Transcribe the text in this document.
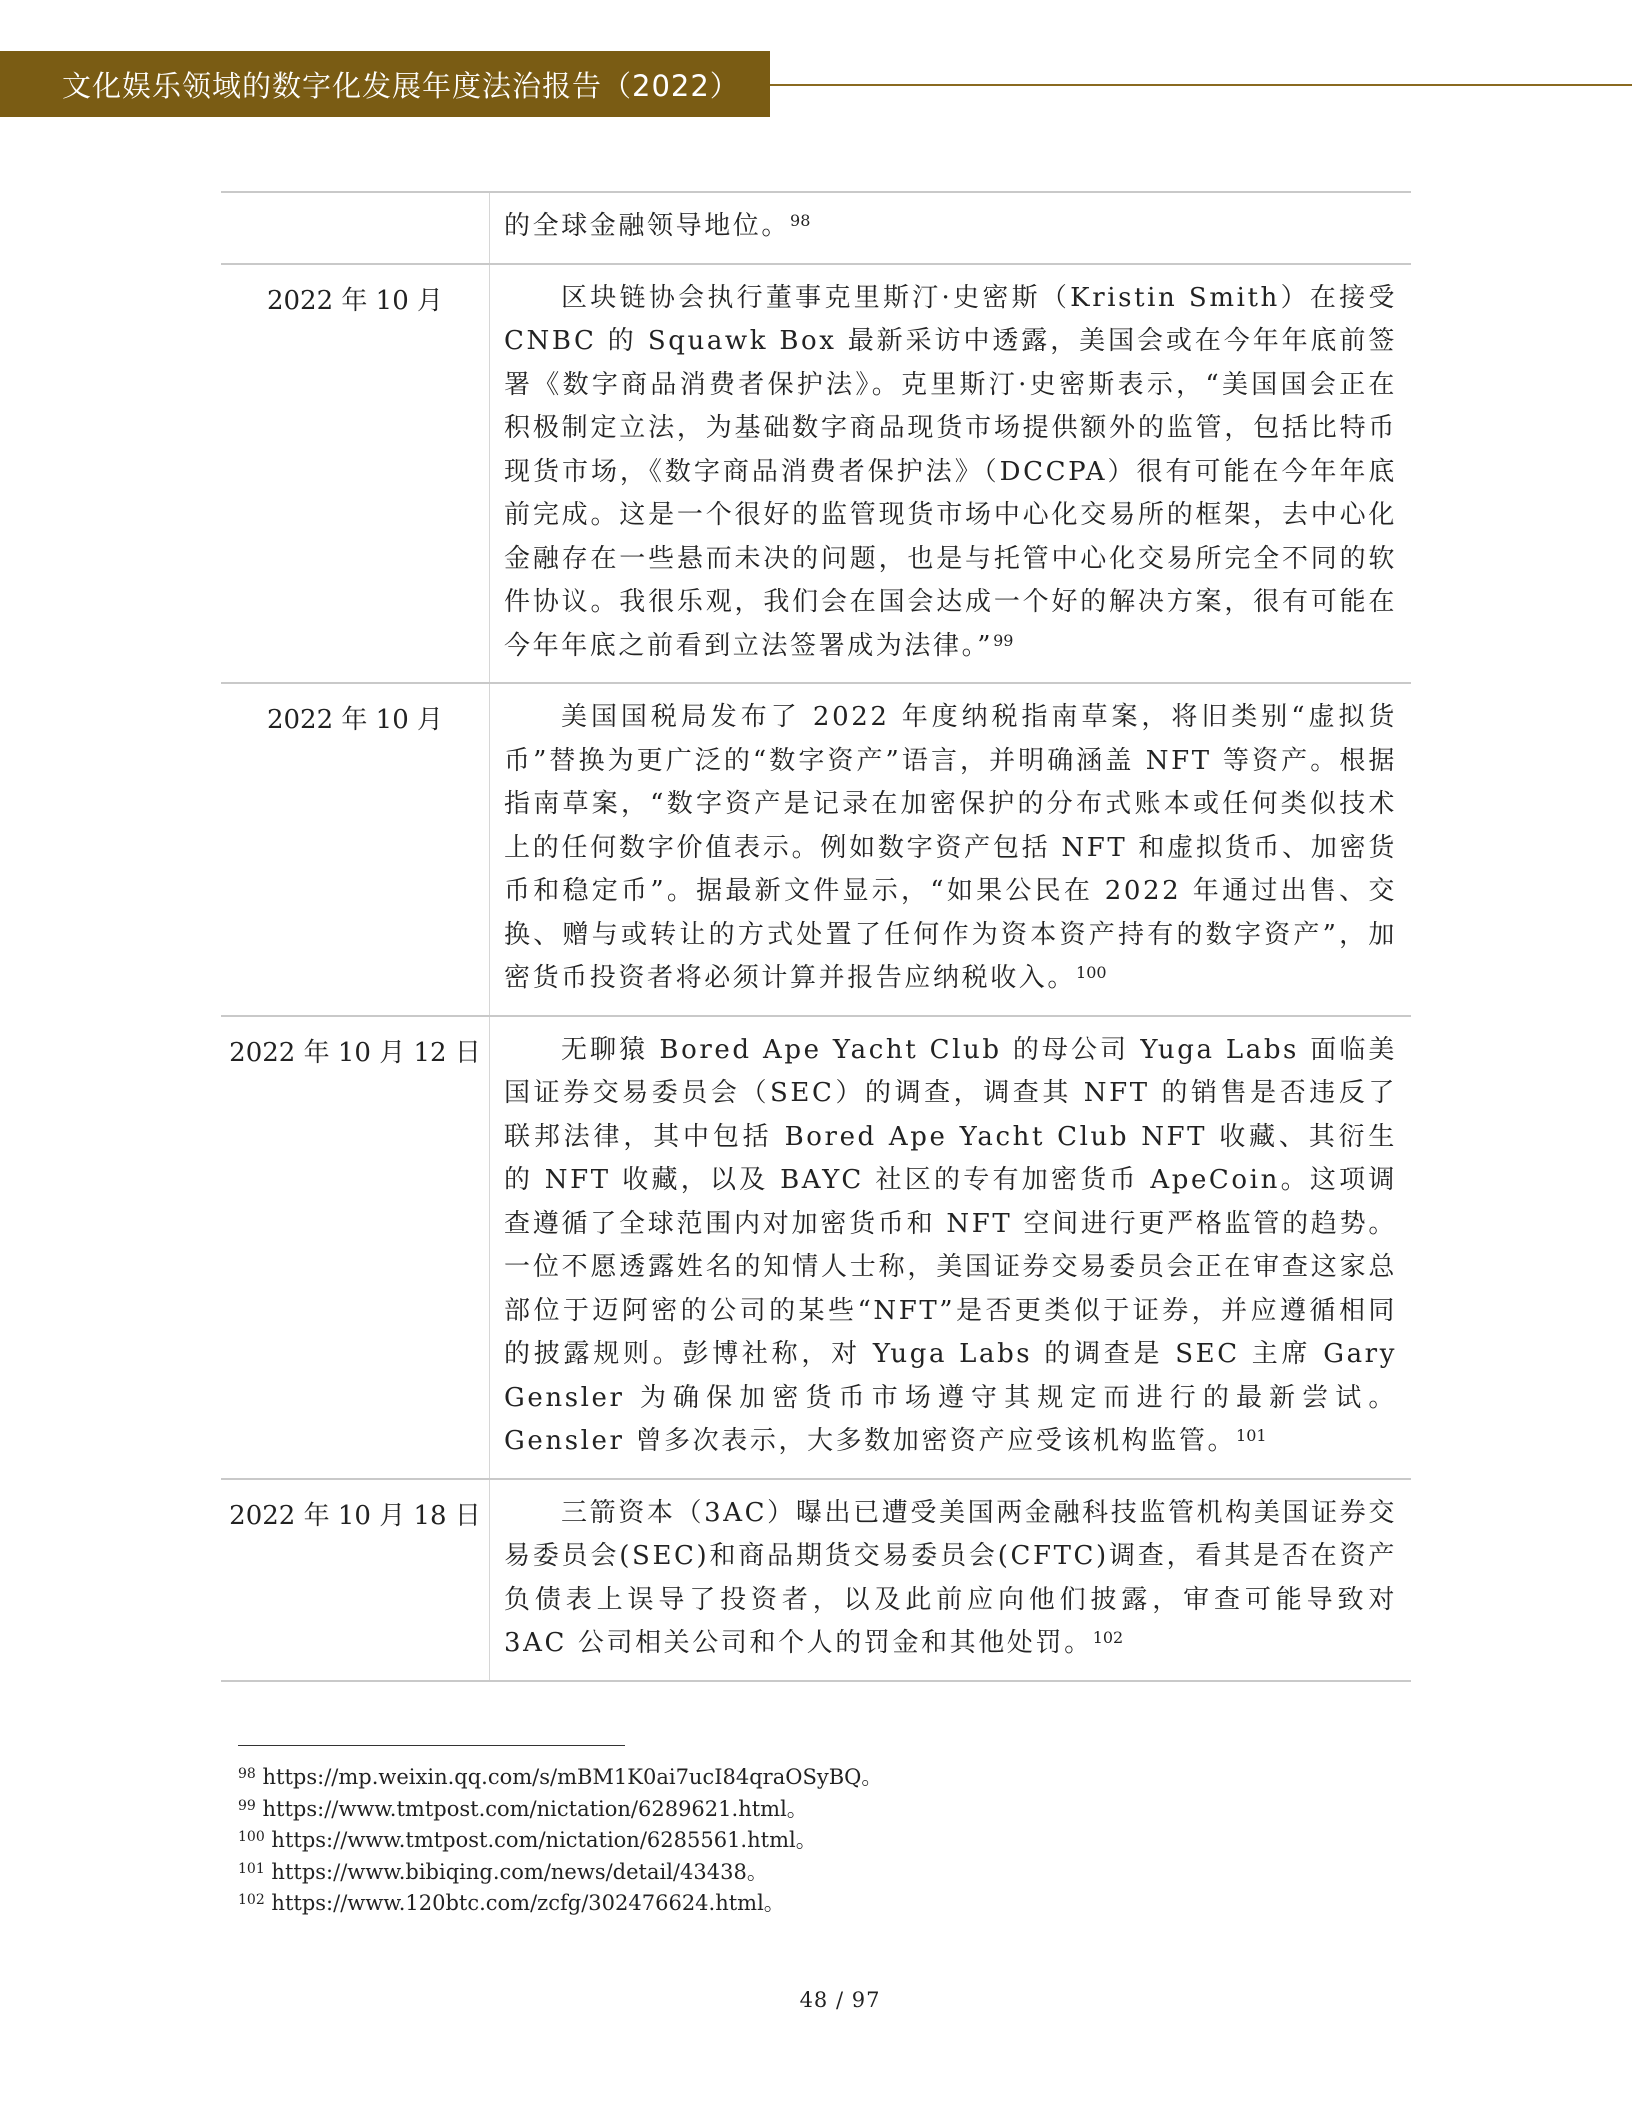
文化娱乐领域的数字化发展年度法治报告（2022）
的全球金融领导地位。$^{98}$
2022 年 10 月	区块链协会执行董事克里斯汀·史密斯（Kristin Smith）在接受 CNBC 的 Squawk Box 最新采访中透露，美国会或在今年年底前签署《数字商品消费者保护法》。克里斯汀·史密斯表示，“美国国会正在积极制定立法，为基础数字商品现货市场提供额外的监管，包括比特币现货市场，《数字商品消费者保护法》（DCCPA）很有可能在今年年底前完成。这是一个很好的监管现货市场中心化交易所的框架，去中心化金融存在一些悬而未决的问题，也是与托管中心化交易所完全不同的软件协议。我很乐观，我们会在国会达成一个好的解决方案，很有可能在今年年底之前看到立法签署成为法律。”$^{99}$
2022 年 10 月	美国国税局发布了 2022 年度纳税指南草案，将旧类别“虚拟货币”替换为更广泛的“数字资产”语言，并明确涵盖 NFT 等资产。根据指南草案，“数字资产是记录在加密保护的分布式账本或任何类似技术上的任何数字价值表示。例如数字资产包括 NFT 和虚拟货币、加密货币和稳定币”。据最新文件显示，“如果公民在 2022 年通过出售、交换、赠与或转让的方式处置了任何作为资本资产持有的数字资产”，加密货币投资者将必须计算并报告应纳税收入。$^{100}$
2022 年 10 月 12 日	无聊猿 Bored Ape Yacht Club 的母公司 Yuga Labs 面临美国证券交易委员会（SEC）的调查，调查其 NFT 的销售是否违反了联邦法律，其中包括 Bored Ape Yacht Club NFT 收藏、其衍生的 NFT 收藏，以及 BAYC 社区的专有加密货币 ApeCoin。这项调查遵循了全球范围内对加密货币和 NFT 空间进行更严格监管的趋势。一位不愿透露姓名的知情人士称，美国证券交易委员会正在审查这家总部位于迈阿密的公司的某些“NFT”是否更类似于证券，并应遵循相同的披露规则。彭博社称，对 Yuga Labs 的调查是 SEC 主席 Gary Gensler 为确保加密货币市场遵守其规定而进行的最新尝试。Gensler 曾多次表示，大多数加密资产应受该机构监管。$^{101}$
2022 年 10 月 18 日	三箭资本（3AC）曝出已遭受美国两金融科技监管机构美国证券交易委员会(SEC)和商品期货交易委员会(CFTC)调查，看其是否在资产负债表上误导了投资者，以及此前应向他们披露，审查可能导致对 3AC 公司相关公司和个人的罚金和其他处罚。$^{102}$
$^{98}$ https://mp.weixin.qq.com/s/mBM1K0ai7ucI84qraOSyBQ。
$^{99}$ https://www.tmtpost.com/nictation/6289621.html。
$^{100}$ https://www.tmtpost.com/nictation/6285561.html。
$^{101}$ https://www.bibiqing.com/news/detail/43438。
$^{102}$ https://www.120btc.com/zcfg/302476624.html。
48 / 97
